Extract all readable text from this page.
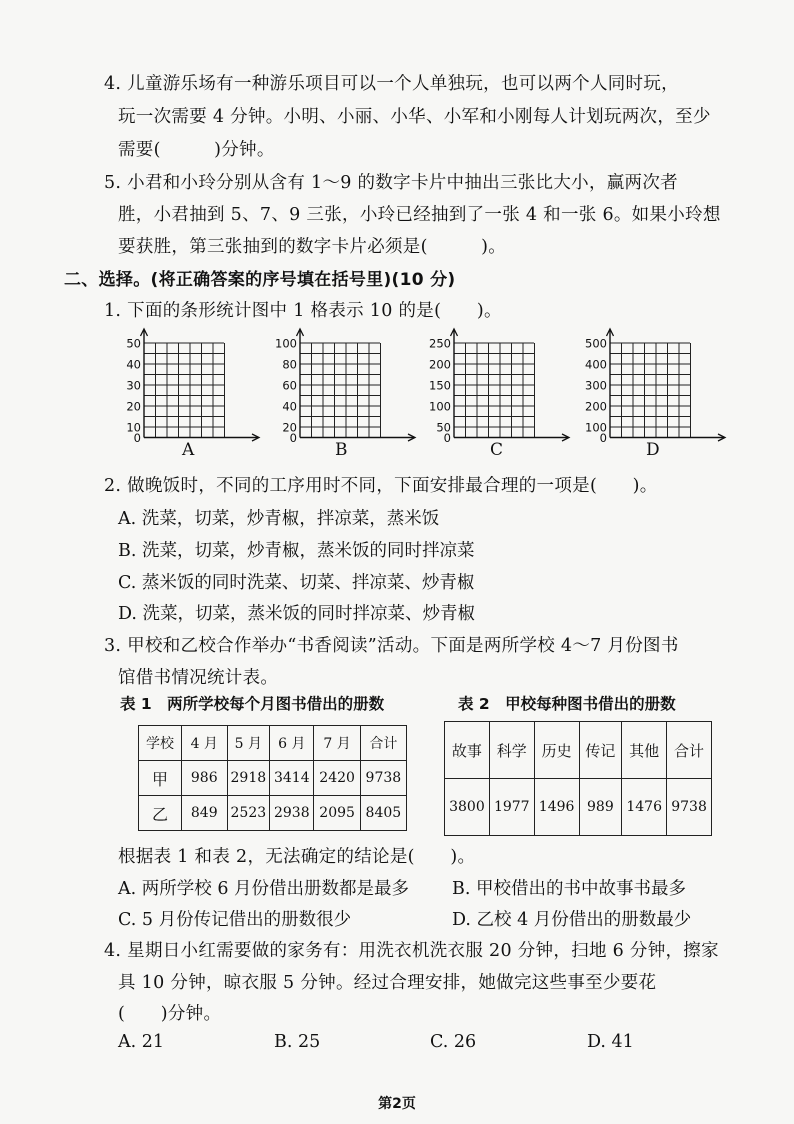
4. 儿童游乐场有一种游乐项目可以一个人单独玩，也可以两个人同时玩，
玩一次需要 4 分钟。小明、小丽、小华、小军和小刚每人计划玩两次，至少
需要(　　　)分钟。
5. 小君和小玲分别从含有 1～9 的数字卡片中抽出三张比大小，赢两次者
胜，小君抽到 5、7、9 三张，小玲已经抽到了一张 4 和一张 6。如果小玲想
要获胜，第三张抽到的数字卡片必须是(　　　)。
二、选择。(将正确答案的序号填在括号里)(10 分)
1. 下面的条形统计图中 1 格表示 10 的是(　　)。
50
40
30
20
10
0
100
80
60
40
20
0
250
200
150
100
50
0
500
400
300
200
100
0
A	B	C	D
2. 做晚饭时，不同的工序用时不同，下面安排最合理的一项是(　　)。
A. 洗菜，切菜，炒青椒，拌凉菜，蒸米饭
B. 洗菜，切菜，炒青椒，蒸米饭的同时拌凉菜
C. 蒸米饭的同时洗菜、切菜、拌凉菜、炒青椒
D. 洗菜，切菜，蒸米饭的同时拌凉菜、炒青椒
3. 甲校和乙校合作举办“书香阅读”活动。下面是两所学校 4～7 月份图书
馆借书情况统计表。
表 1　两所学校每个月图书借出的册数	表 2　甲校每种图书借出的册数
学校	4 月	5 月	6 月	7 月	合计
甲	986	2918	3414	2420	9738
乙	849	2523	2938	2095	8405
故事	科学	历史	传记	其他	合计
3800	1977	1496	989	1476	9738
根据表 1 和表 2，无法确定的结论是(　　)。
A. 两所学校 6 月份借出册数都是最多 B. 甲校借出的书中故事书最多
C. 5 月份传记借出的册数很少	D. 乙校 4 月份借出的册数最少
4. 星期日小红需要做的家务有：用洗衣机洗衣服 20 分钟，扫地 6 分钟，擦家
具 10 分钟，晾衣服 5 分钟。经过合理安排，她做完这些事至少要花
(　　)分钟。
A. 21	B. 25	C. 26	D. 41
第2页
